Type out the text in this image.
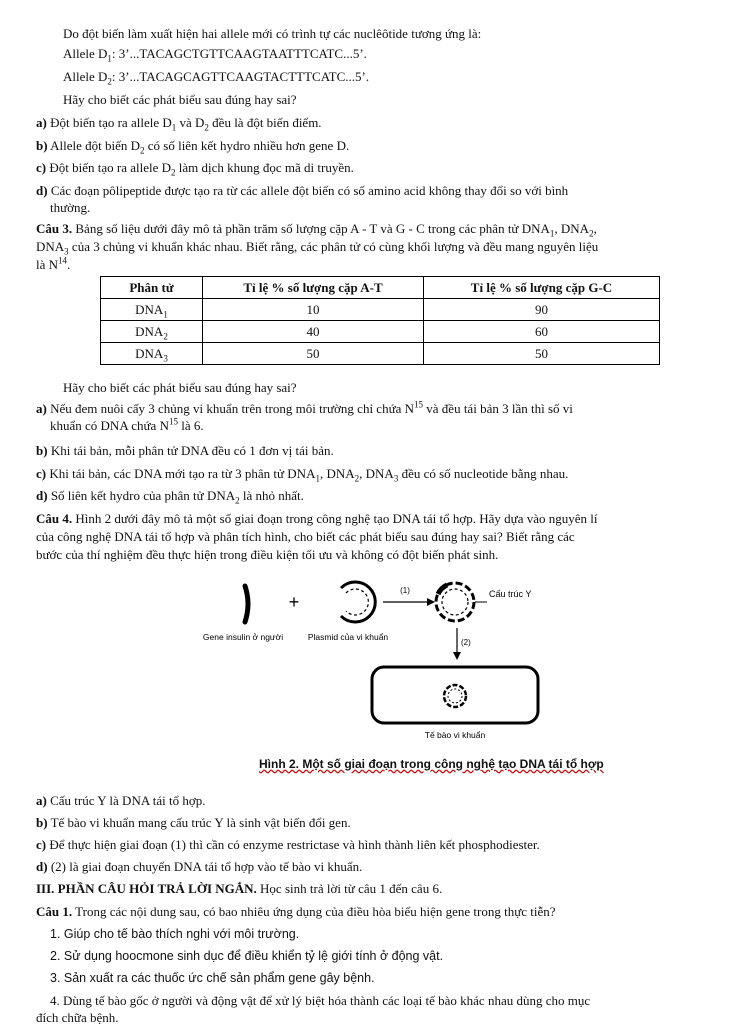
Do đột biến làm xuất hiện hai allele mới có trình tự các nuclêôtide tương ứng là:
Allele $D_1$: 3’...TACAGCTGTTCAAGTAATTTCATC...5’.
Allele $D_2$: 3’...TACAGCAGTTCAAGTACTTTCATC...5’.
Hãy cho biết các phát biểu sau đúng hay sai?
a) Đột biến tạo ra allele $D_1$ và $D_2$ đều là đột biến điểm.
b) Allele đột biến $D_2$ có số liên kết hydro nhiều hơn gene D.
c) Đột biến tạo ra allele $D_2$ làm dịch khung đọc mã di truyền.
d) Các đoạn pôlipeptide được tạo ra từ các allele đột biến có số amino acid không thay đổi so với bình
thường.
Câu 3. Bảng số liệu dưới đây mô tả phần trăm số lượng cặp A - T và G - C trong các phân tử $DNA_1$, $DNA_2$,
$DNA_3$ của 3 chủng vi khuẩn khác nhau. Biết rằng, các phân tử có cùng khối lượng và đều mang nguyên liệu
là $N^{14}$.
Phân tử	Tỉ lệ % số lượng cặp A-T	Tỉ lệ % số lượng cặp G-C
$DNA_1$	10	90
$DNA_2$	40	60
$DNA_3$	50	50
Hãy cho biết các phát biểu sau đúng hay sai?
a) Nếu đem nuôi cấy 3 chủng vi khuẩn trên trong môi trường chỉ chứa $N^{15}$ và đều tái bản 3 lần thì số vi
khuẩn có DNA chứa $N^{15}$ là 6.
b) Khi tái bản, mỗi phân tử DNA đều có 1 đơn vị tái bản.
c) Khi tái bản, các DNA mới tạo ra từ 3 phân tử $DNA_1$, $DNA_2$, $DNA_3$ đều có số nucleotide bằng nhau.
d) Số liên kết hydro của phân tử $DNA_2$ là nhỏ nhất.
Câu 4. Hình 2 dưới đây mô tả một số giai đoạn trong công nghệ tạo DNA tái tổ hợp. Hãy dựa vào nguyên lí
của công nghệ DNA tái tổ hợp và phân tích hình, cho biết các phát biểu sau đúng hay sai? Biết rằng các
bước của thí nghiệm đều thực hiện trong điều kiện tối ưu và không có đột biến phát sinh.
+
(1)	Cấu trúc Y
Gene insulin ở người	Plasmid của vi khuẩn
(2)
Tế bào vi khuẩn
Hình 2. Một số giai đoạn trong công nghệ tạo DNA tái tổ hợp
a) Cấu trúc Y là DNA tái tổ hợp.
b) Tế bào vi khuẩn mang cấu trúc Y là sinh vật biến đổi gen.
c) Để thực hiện giai đoạn (1) thì cần có enzyme restrictase và hình thành liên kết phosphodiester.
d) (2) là giai đoạn chuyển DNA tái tổ hợp vào tế bào vi khuẩn.
III. PHẦN CÂU HỎI TRẢ LỜI NGẮN. Học sinh trả lời từ câu 1 đến câu 6.
Câu 1. Trong các nội dung sau, có bao nhiêu ứng dụng của điều hòa biểu hiện gene trong thực tiễn?
1. Giúp cho tế bào thích nghi với môi trường.
2. Sử dụng hoocmone sinh dục để điều khiển tỷ lệ giới tính ở động vật.
3. Sản xuất ra các thuốc ức chế sản phẩm gene gây bệnh.
4. Dùng tế bào gốc ở người và động vật để xử lý biệt hóa thành các loại tế bào khác nhau dùng cho mục
đích chữa bệnh.
